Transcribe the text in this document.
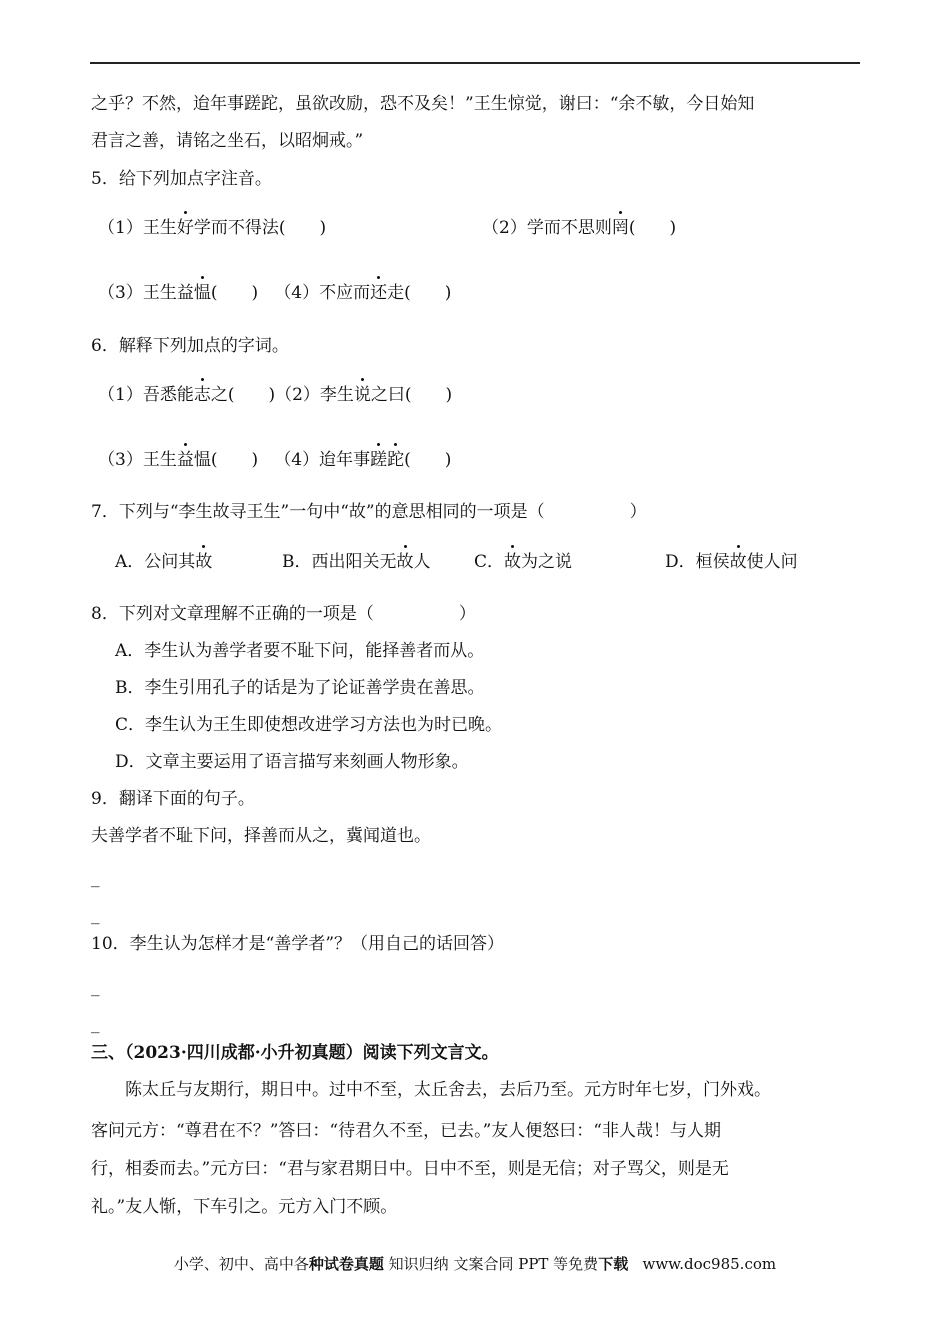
之乎？不然，迨年事蹉跎，虽欲改励，恐不及矣！”王生惊觉，谢曰：“余不敏，今日始知
君言之善，请铭之坐石，以昭炯戒。”
5．给下列加点字注音。
（1）王生好学而不得法(　　)	（2）学而不思则罔(　　)
（3）王生益愠(　　) （4）不应而还走(　　)
6．解释下列加点的字词。
（1）吾悉能志之(　　)（2）李生说之曰(　　)
（3）王生益愠(　　) （4）迨年事蹉跎(　　)
7．下列与“李生故寻王生”一句中“故”的意思相同的一项是（　　　　　）
A．公问其故	B．西出阳关无故人	C．故为之说	D．桓侯故使人问
8．下列对文章理解不正确的一项是（　　　　　）
A．李生认为善学者要不耻下问，能择善者而从。
B．李生引用孔子的话是为了论证善学贵在善思。
C．李生认为王生即使想改进学习方法也为时已晚。
D．文章主要运用了语言描写来刻画人物形象。
9．翻译下面的句子。
夫善学者不耻下问，择善而从之，冀闻道也。
_
_
10．李生认为怎样才是“善学者”？（用自己的话回答）
_
_
三、（2023·四川成都·小升初真题）阅读下列文言文。
陈太丘与友期行，期日中。过中不至，太丘舍去，去后乃至。元方时年七岁，门外戏。
客问元方：“尊君在不？”答曰：“待君久不至，已去。”友人便怒曰：“非人哉！与人期
行，相委而去。”元方曰：“君与家君期日中。日中不至，则是无信；对子骂父，则是无
礼。”友人惭，下车引之。元方入门不顾。
小学、初中、高中各种试卷真题 知识归纳 文案合同 PPT 等免费下载   www.doc985.com
